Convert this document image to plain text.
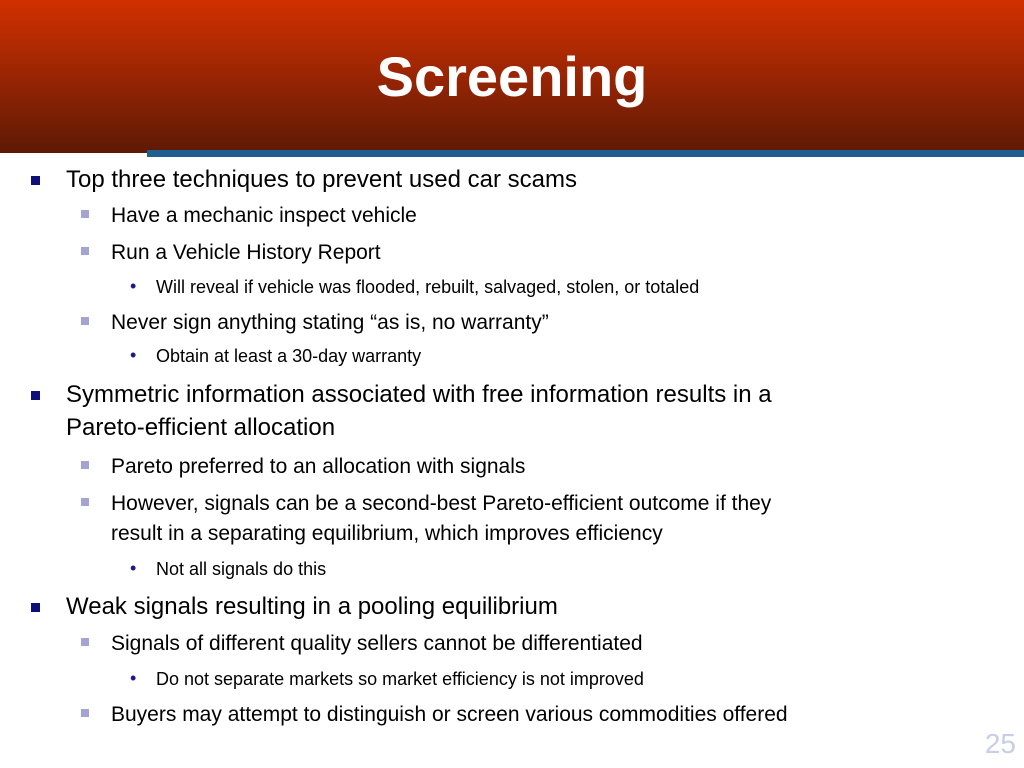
Screening
Top three techniques to prevent used car scams
Have a mechanic inspect vehicle
Run a Vehicle History Report
• Will reveal if vehicle was flooded, rebuilt, salvaged, stolen, or totaled
Never sign anything stating “as is, no warranty”
• Obtain at least a 30-day warranty
Symmetric information associated with free information results in a
Pareto-efficient allocation
Pareto preferred to an allocation with signals
However, signals can be a second-best Pareto-efficient outcome if they
result in a separating equilibrium, which improves efficiency
• Not all signals do this
Weak signals resulting in a pooling equilibrium
Signals of different quality sellers cannot be differentiated
• Do not separate markets so market efficiency is not improved
Buyers may attempt to distinguish or screen various commodities offered
25
